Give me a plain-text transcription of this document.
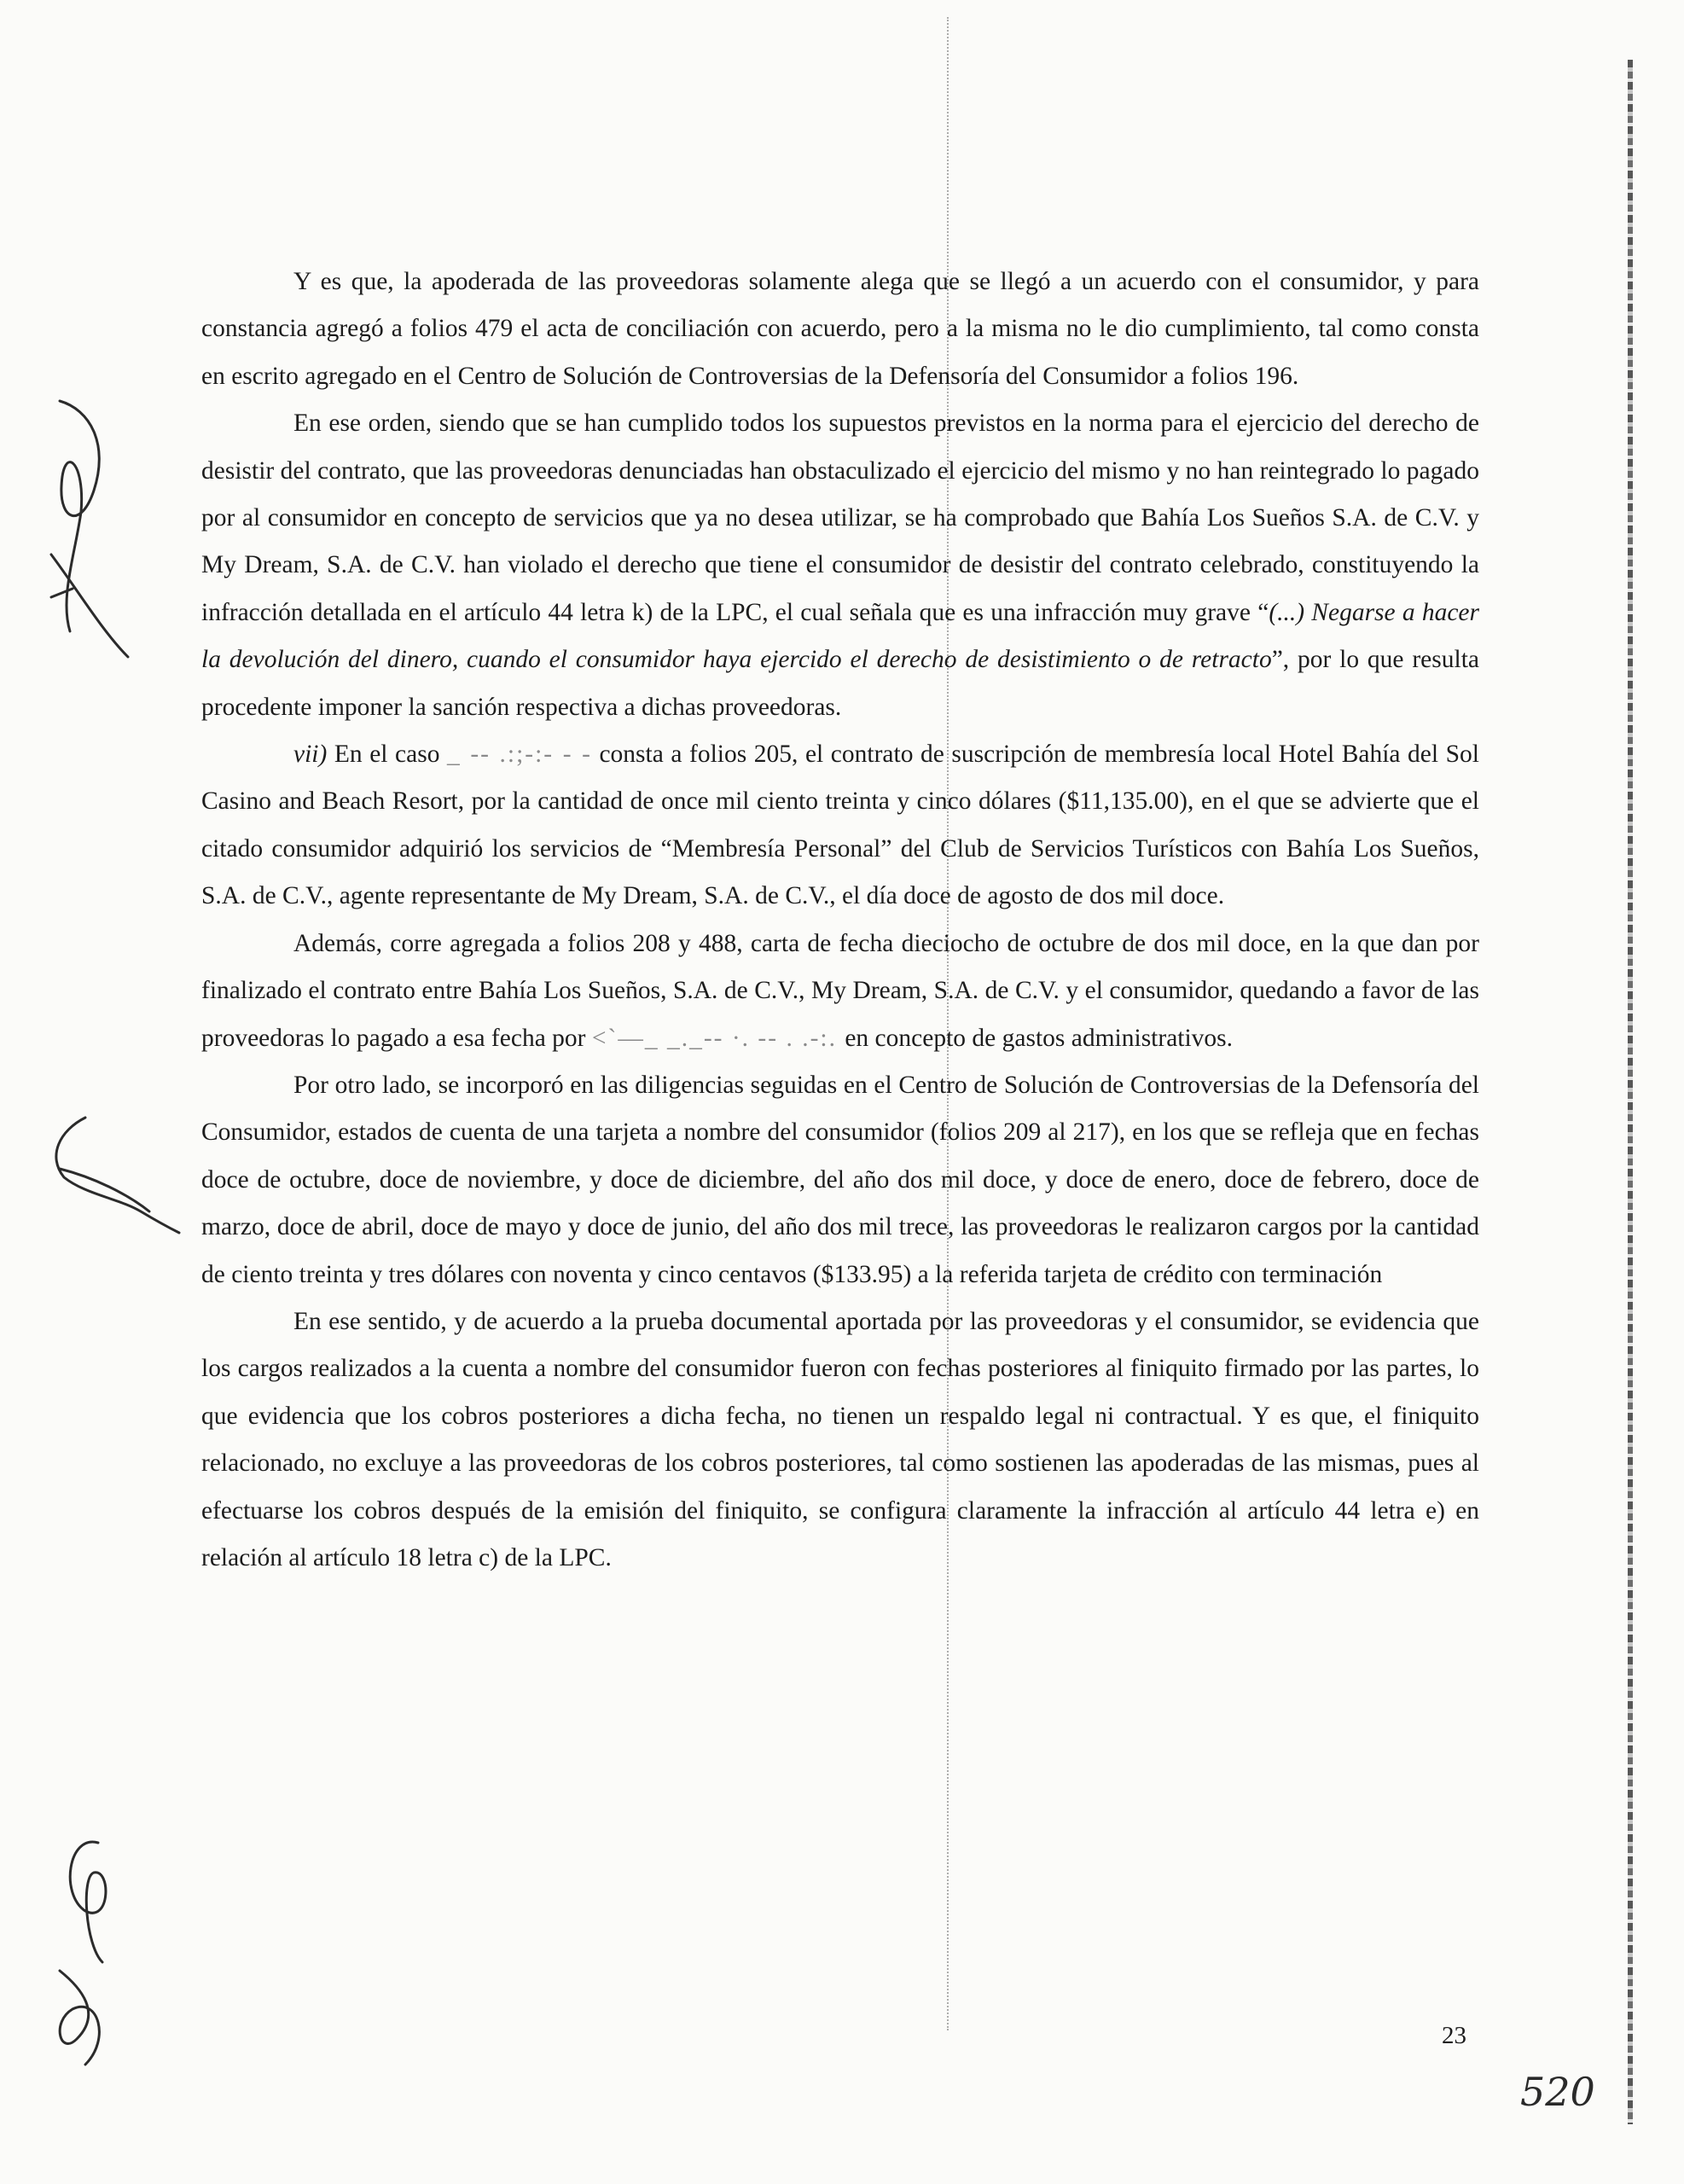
Y es que, la apoderada de las proveedoras solamente alega que se llegó a un acuerdo con el consumidor, y para constancia agregó a folios 479 el acta de conciliación con acuerdo, pero a la misma no le dio cumplimiento, tal como consta en escrito agregado en el Centro de Solución de Controversias de la Defensoría del Consumidor a folios 196.

En ese orden, siendo que se han cumplido todos los supuestos previstos en la norma para el ejercicio del derecho de desistir del contrato, que las proveedoras denunciadas han obstaculizado el ejercicio del mismo y no han reintegrado lo pagado por al consumidor en concepto de servicios que ya no desea utilizar, se ha comprobado que Bahía Los Sueños S.A. de C.V. y My Dream, S.A. de C.V. han violado el derecho que tiene el consumidor de desistir del contrato celebrado, constituyendo la infracción detallada en el artículo 44 letra k) de la LPC, el cual señala que es una infracción muy grave “(...) Negarse a hacer la devolución del dinero, cuando el consumidor haya ejercido el derecho de desistimiento o de retracto”, por lo que resulta procedente imponer la sanción respectiva a dichas proveedoras.

vii) En el caso _ -- .:;-:- - - consta a folios 205, el contrato de suscripción de membresía local Hotel Bahía del Sol Casino and Beach Resort, por la cantidad de once mil ciento treinta y cinco dólares ($11,135.00), en el que se advierte que el citado consumidor adquirió los servicios de “Membresía Personal” del Club de Servicios Turísticos con Bahía Los Sueños, S.A. de C.V., agente representante de My Dream, S.A. de C.V., el día doce de agosto de dos mil doce.

Además, corre agregada a folios 208 y 488, carta de fecha dieciocho de octubre de dos mil doce, en la que dan por finalizado el contrato entre Bahía Los Sueños, S.A. de C.V., My Dream, S.A. de C.V. y el consumidor, quedando a favor de las proveedoras lo pagado a esa fecha por <`—_ _._-- ·. -- . .-:. en concepto de gastos administrativos.

Por otro lado, se incorporó en las diligencias seguidas en el Centro de Solución de Controversias de la Defensoría del Consumidor, estados de cuenta de una tarjeta a nombre del consumidor (folios 209 al 217), en los que se refleja que en fechas doce de octubre, doce de noviembre, y doce de diciembre, del año dos mil doce, y doce de enero, doce de febrero, doce de marzo, doce de abril, doce de mayo y doce de junio, del año dos mil trece, las proveedoras le realizaron cargos por la cantidad de ciento treinta y tres dólares con noventa y cinco centavos ($133.95) a la referida tarjeta de crédito con terminación

En ese sentido, y de acuerdo a la prueba documental aportada por las proveedoras y el consumidor, se evidencia que los cargos realizados a la cuenta a nombre del consumidor fueron con fechas posteriores al finiquito firmado por las partes, lo que evidencia que los cobros posteriores a dicha fecha, no tienen un respaldo legal ni contractual. Y es que, el finiquito relacionado, no excluye a las proveedoras de los cobros posteriores, tal como sostienen las apoderadas de las mismas, pues al efectuarse los cobros después de la emisión del finiquito, se configura claramente la infracción al artículo 44 letra e) en relación al artículo 18 letra c) de la LPC.

23
520
